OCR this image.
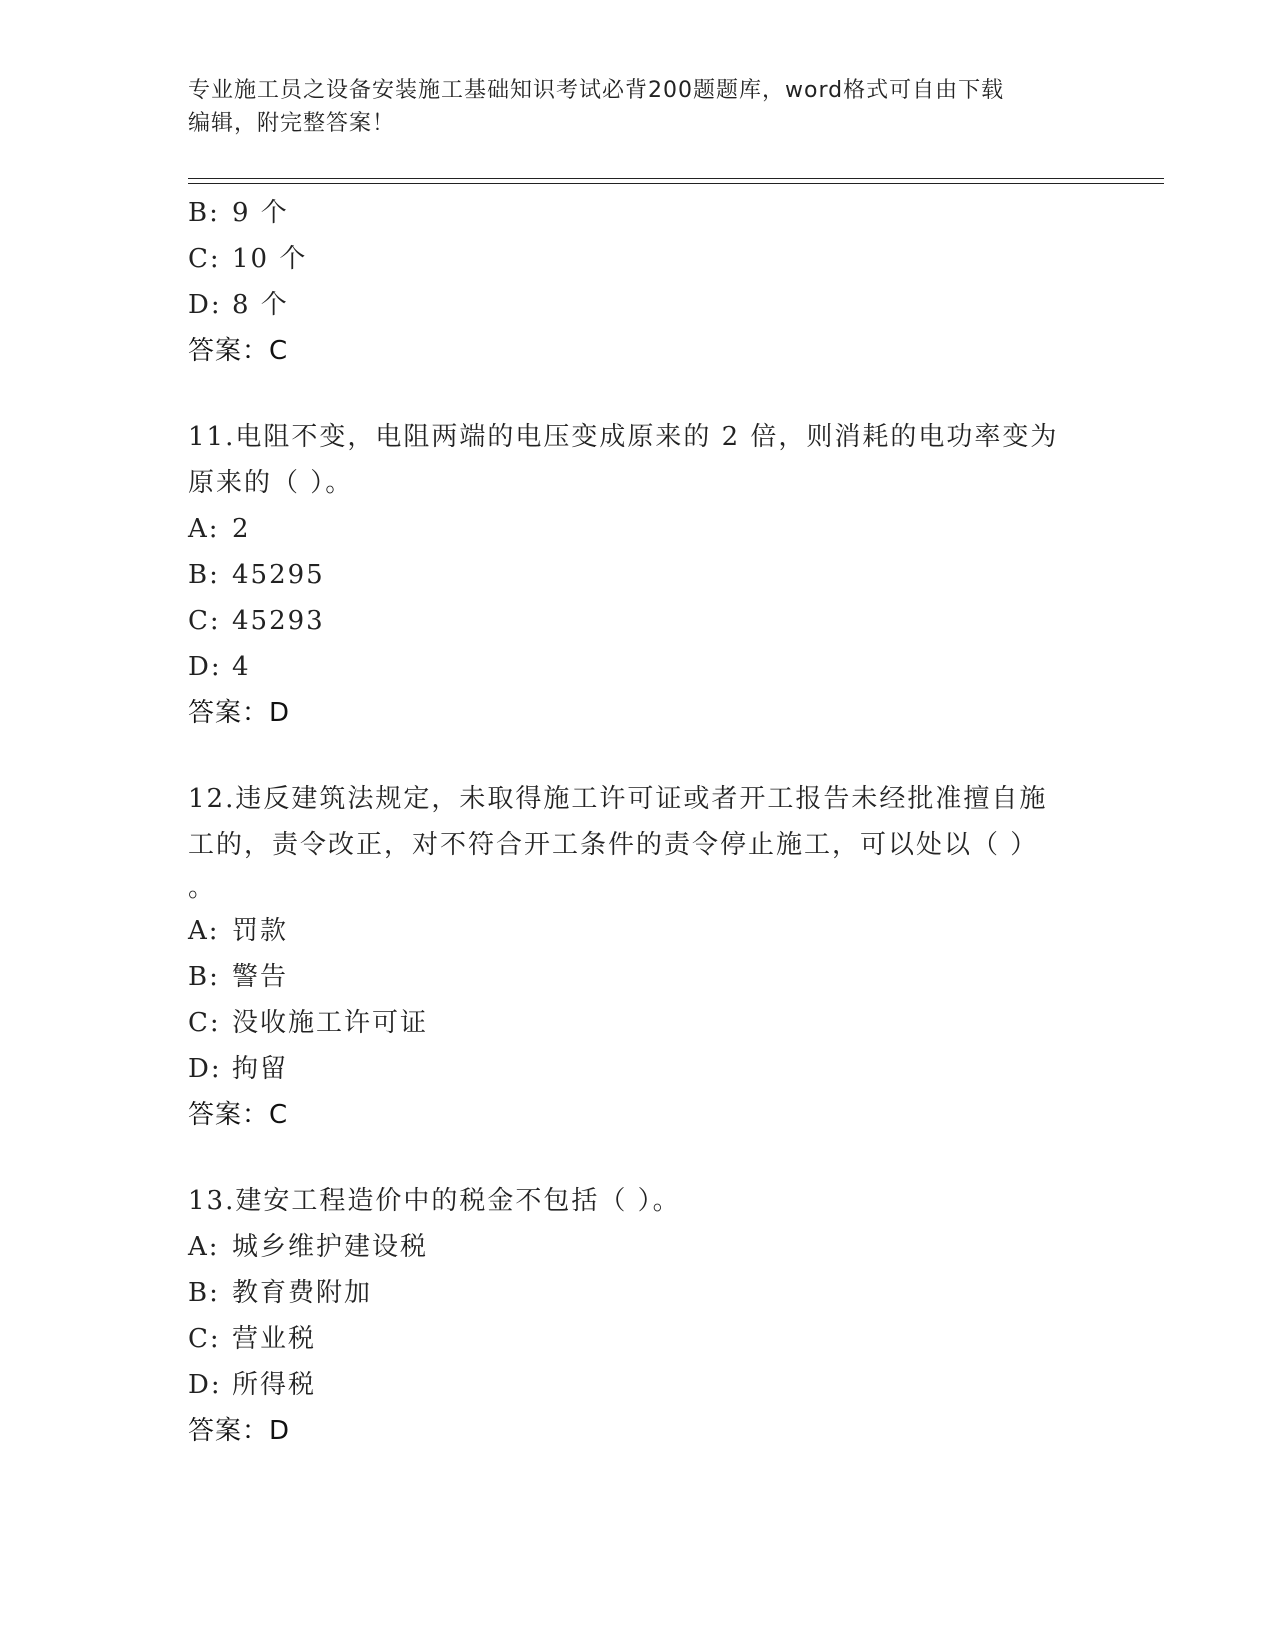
专业施工员之设备安装施工基础知识考试必背200题题库，word格式可自由下载
编辑，附完整答案！
B: 9 个
C: 10 个
D: 8 个
答案：C
11.电阻不变，电阻两端的电压变成原来的 2 倍，则消耗的电功率变为
原来的（ ）。
A: 2
B: 45295
C: 45293
D: 4
答案：D
12.违反建筑法规定，未取得施工许可证或者开工报告未经批准擅自施
工的，责令改正，对不符合开工条件的责令停止施工，可以处以（ ）
。
A: 罚款
B: 警告
C: 没收施工许可证
D: 拘留
答案：C
13.建安工程造价中的税金不包括（ ）。
A: 城乡维护建设税
B: 教育费附加
C: 营业税
D: 所得税
答案：D
